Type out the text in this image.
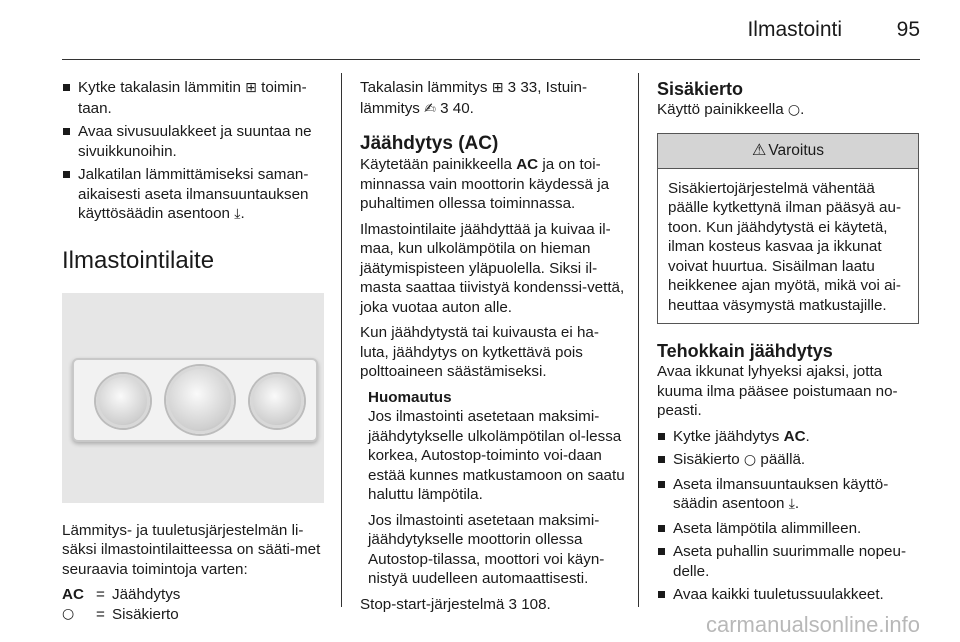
Ilmastointi	95
Kytke takalasin lämmitin ⊞ toimin-taan.
Avaa sivusuulakkeet ja suuntaa ne sivuikkunoihin.
Jalkatilan lämmittämiseksi saman-aikaisesti aseta ilmansuuntauksen käyttösäädin asentoon ⤓.
Ilmastointilaite

Lämmitys- ja tuuletusjärjestelmän li-säksi ilmastointilaitteessa on sääti-met seuraavia toimintoja varten:

AC = Jäähdytys
○	= Sisäkierto

Takalasin lämmitys ⊞ 3 33, Istuin-lämmitys ✍ 3 40.

Jäähdytys (AC)

Käytetään painikkeella AC ja on toi-minnassa vain moottorin käydessä ja puhaltimen ollessa toiminnassa.

Ilmastointilaite jäähdyttää ja kuivaa il-maa, kun ulkolämpötila on hieman jäätymispisteen yläpuolella. Siksi il-masta saattaa tiivistyä kondenssi-vettä, joka vuotaa auton alle.

Kun jäähdytystä tai kuivausta ei ha-luta, jäähdytys on kytkettävä pois polttoaineen säästämiseksi.

Huomautus

Jos ilmastointi asetetaan maksimi-jäähdytykselle ulkolämpötilan ol-lessa korkea, Autostop-toiminto voi-daan estää kunnes matkustamoon on saatu haluttu lämpötila.

Jos ilmastointi asetetaan maksimi-jäähdytykselle moottorin ollessa Autostop-tilassa, moottori voi käyn-nistyä uudelleen automaattisesti.

Stop-start-järjestelmä 3 108.

Sisäkierto

Käyttö painikkeella ○.

⚠ Varoitus
Sisäkiertojärjestelmä vähentää päälle kytkettynä ilman pääsyä au-toon. Kun jäähdytystä ei käytetä, ilman kosteus kasvaa ja ikkunat voivat huurtua. Sisäilman laatu heikkenee ajan myötä, mikä voi ai-heuttaa väsymystä matkustajille.
Tehokkain jäähdytys

Avaa ikkunat lyhyeksi ajaksi, jotta kuuma ilma pääsee poistumaan no-peasti.

Kytke jäähdytys AC.
Sisäkierto ○ päällä.
Aseta ilmansuuntauksen käyttö-säädin asentoon ⤓.
Aseta lämpötila alimmilleen.
Aseta puhallin suurimmalle nopeu-delle.
Avaa kaikki tuuletussuulakkeet.
carmanualsonline.info
